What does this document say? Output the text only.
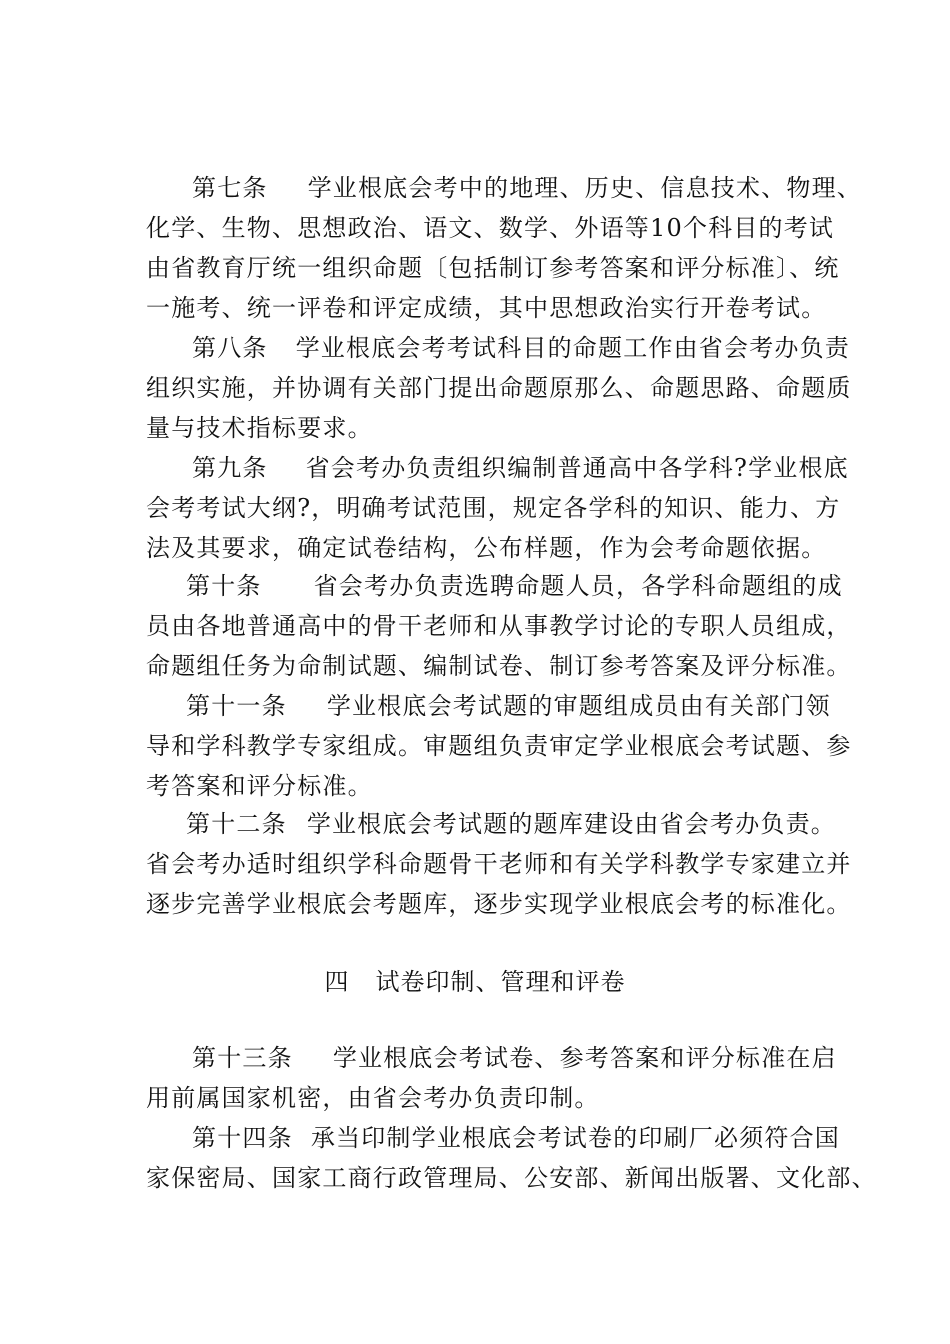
第七条 学业根底会考中的地理、历史、信息技术、物理、
化学、生物、思想政治、语文、数学、外语等10个科目的考试
由省教育厅统一组织命题〔包括制订参考答案和评分标准〕、统
一施考、统一评卷和评定成绩，其中思想政治实行开卷考试。
第八条 学业根底会考考试科目的命题工作由省会考办负责
组织实施，并协调有关部门提出命题原那么、命题思路、命题质
量与技术指标要求。
第九条 省会考办负责组织编制普通高中各学科?学业根底
会考考试大纲?，明确考试范围，规定各学科的知识、能力、方
法及其要求，确定试卷结构，公布样题，作为会考命题依据。
第十条 省会考办负责选聘命题人员，各学科命题组的成
员由各地普通高中的骨干老师和从事教学讨论的专职人员组成，
命题组任务为命制试题、编制试卷、制订参考答案及评分标准。
第十一条 学业根底会考试题的审题组成员由有关部门领
导和学科教学专家组成。审题组负责审定学业根底会考试题、参
考答案和评分标准。
第十二条 学业根底会考试题的题库建设由省会考办负责。
省会考办适时组织学科命题骨干老师和有关学科教学专家建立并
逐步完善学业根底会考题库，逐步实现学业根底会考的标准化。
四 试卷印制、管理和评卷
第十三条 学业根底会考试卷、参考答案和评分标准在启
用前属国家机密，由省会考办负责印制。
第十四条 承当印制学业根底会考试卷的印刷厂必须符合国
家保密局、国家工商行政管理局、公安部、新闻出版署、文化部、
